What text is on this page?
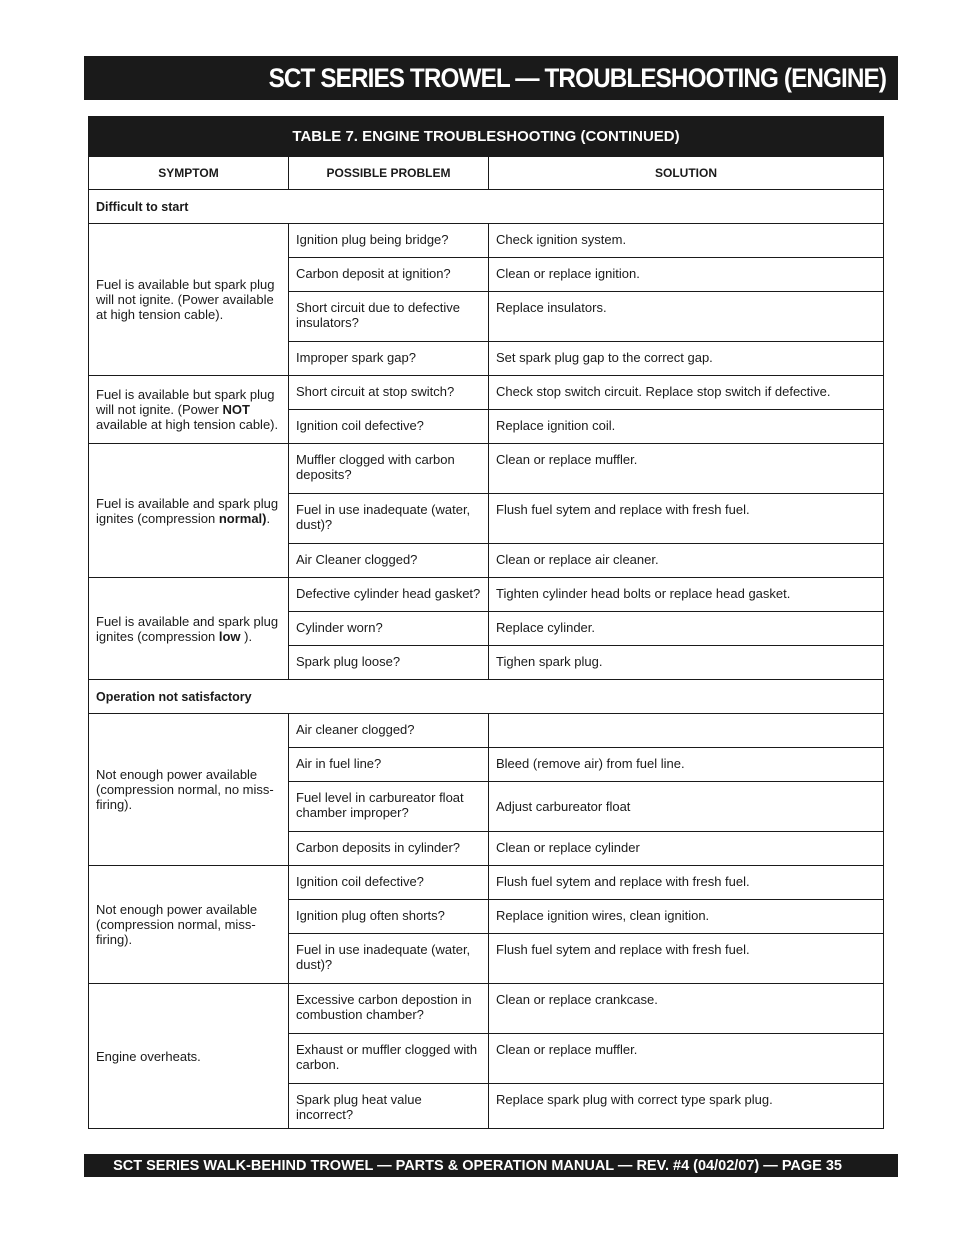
SCT SERIES TROWEL — TROUBLESHOOTING (ENGINE)
TABLE 7. ENGINE TROUBLESHOOTING (CONTINUED)		
SYMPTOM	POSSIBLE PROBLEM	SOLUTION
Difficult to start		
Fuel is available but spark plug will not ignite. (Power available at high tension cable).	Ignition plug being bridge?	Check ignition system.
	Carbon deposit at ignition?	Clean or replace ignition.
	Short circuit due to defective insulators?	Replace insulators.
	Improper spark gap?	Set spark plug gap to the correct gap.
Fuel is available but spark plug will not ignite. (Power NOT available at high tension cable).	Short circuit at stop switch?	Check stop switch circuit. Replace stop switch if defective.
	Ignition coil defective?	Replace ignition coil.
Fuel is available and spark plug ignites (compression normal).	Muffler clogged with carbon deposits?	Clean or replace muffler.
	Fuel in use inadequate (water, dust)?	Flush fuel sytem and replace with fresh fuel.
	Air Cleaner clogged?	Clean or replace air cleaner.
Fuel is available and spark plug ignites (compression low ).	Defective cylinder head gasket?	Tighten cylinder head bolts or replace head gasket.
	Cylinder worn?	Replace cylinder.
	Spark plug loose?	Tighen spark plug.
Operation not satisfactory		
Not enough power available (compression normal, no miss-firing).	Air cleaner clogged?	
	Air in fuel line?	Bleed (remove air) from fuel line.
	Fuel level in carbureator float chamber improper?	Adjust carbureator float
	Carbon deposits in cylinder?	Clean or replace cylinder
Not enough power available (compression normal, miss-firing).	Ignition coil defective?	Flush fuel sytem and replace with fresh fuel.
	Ignition plug often shorts?	Replace ignition wires, clean ignition.
	Fuel in use inadequate (water, dust)?	Flush fuel sytem and replace with fresh fuel.
Engine overheats.	Excessive carbon depostion in combustion chamber?	Clean or replace crankcase.
	Exhaust or muffler clogged with carbon.	Clean or replace muffler.
	Spark plug heat value incorrect?	Replace spark plug with correct type spark plug.
SCT SERIES WALK-BEHIND TROWEL — PARTS & OPERATION MANUAL — REV. #4 (04/02/07) — PAGE 35
